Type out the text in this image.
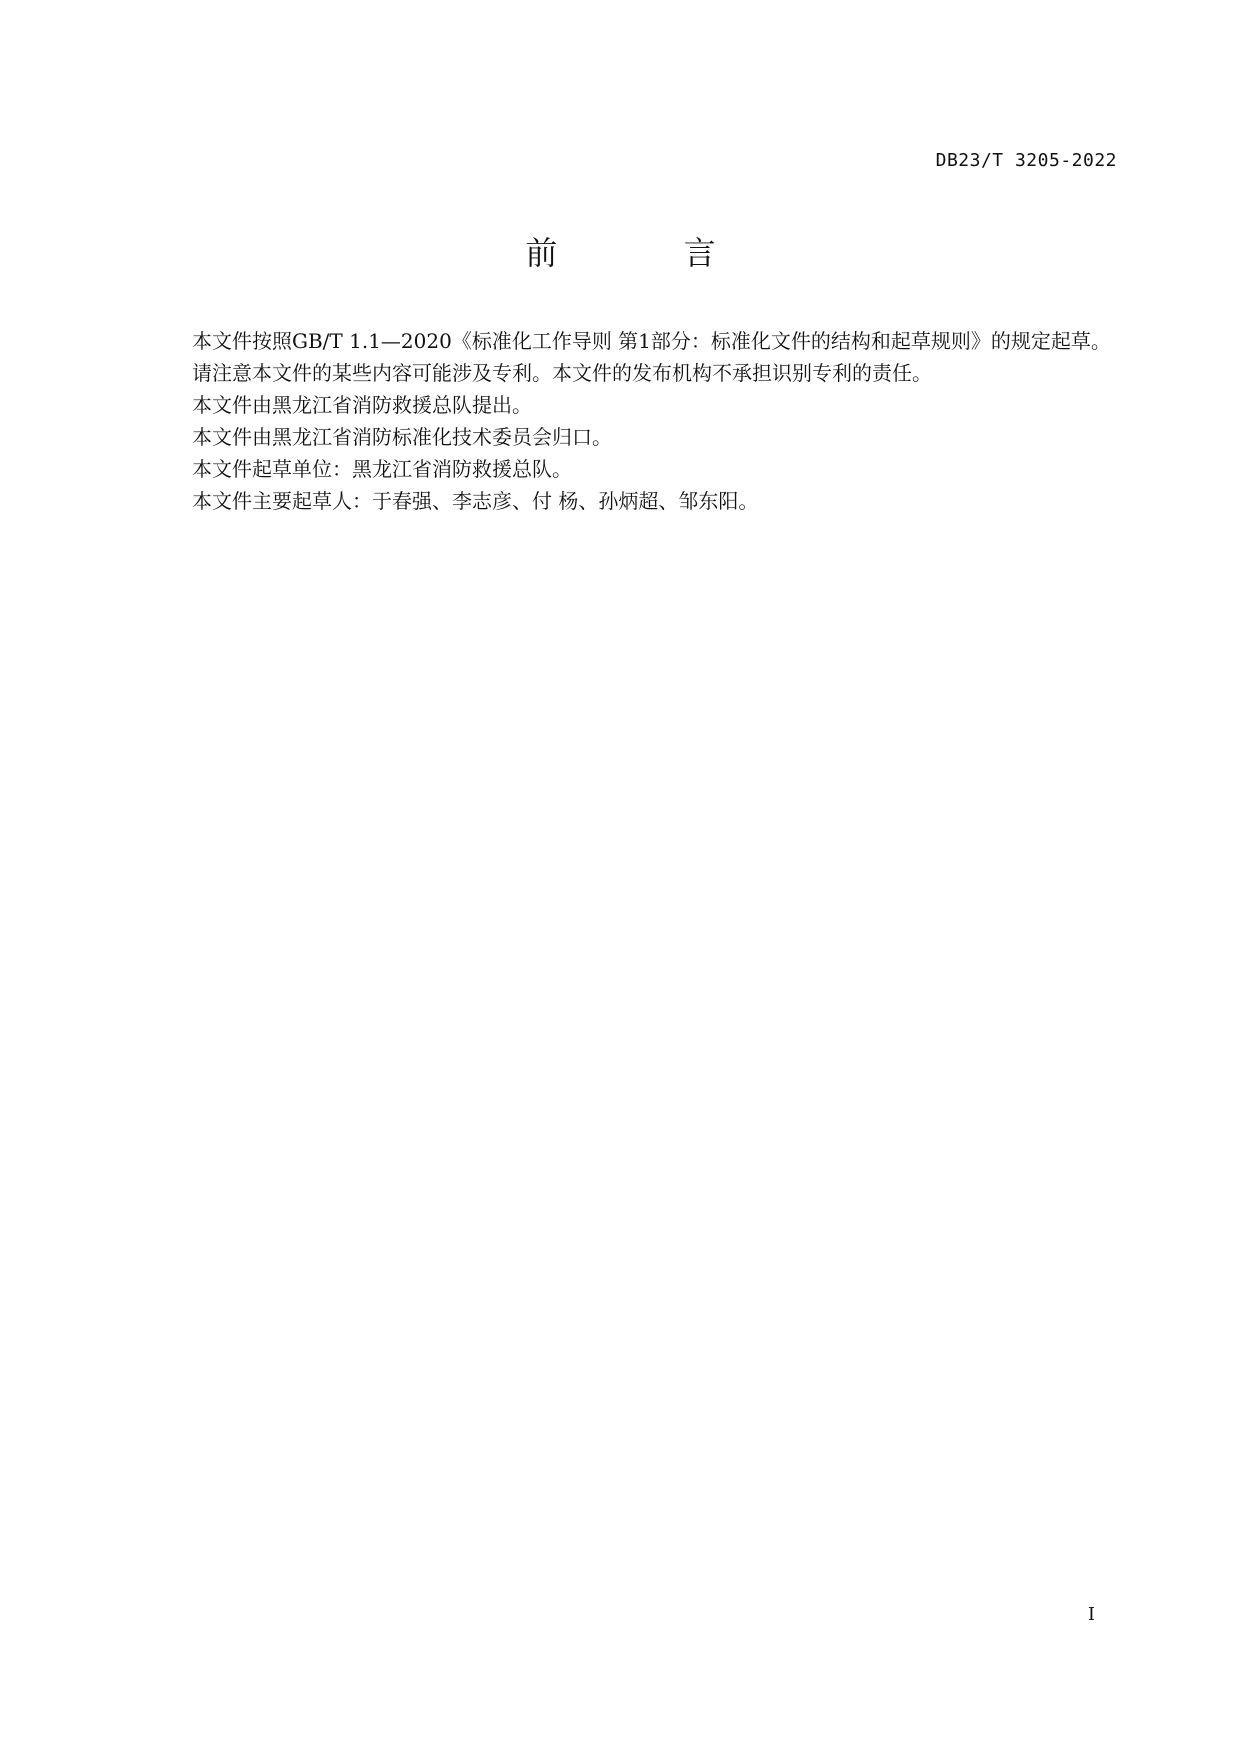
DB23/T 3205-2022
前 言

本文件按照GB/T 1.1—2020《标准化工作导则 第1部分：标准化文件的结构和起草规则》的规定起草。

请注意本文件的某些内容可能涉及专利。本文件的发布机构不承担识别专利的责任。

本文件由黑龙江省消防救援总队提出。

本文件由黑龙江省消防标准化技术委员会归口。

本文件起草单位：黑龙江省消防救援总队。

本文件主要起草人：于春强、李志彦、付 杨、孙炳超、邹东阳。

I
